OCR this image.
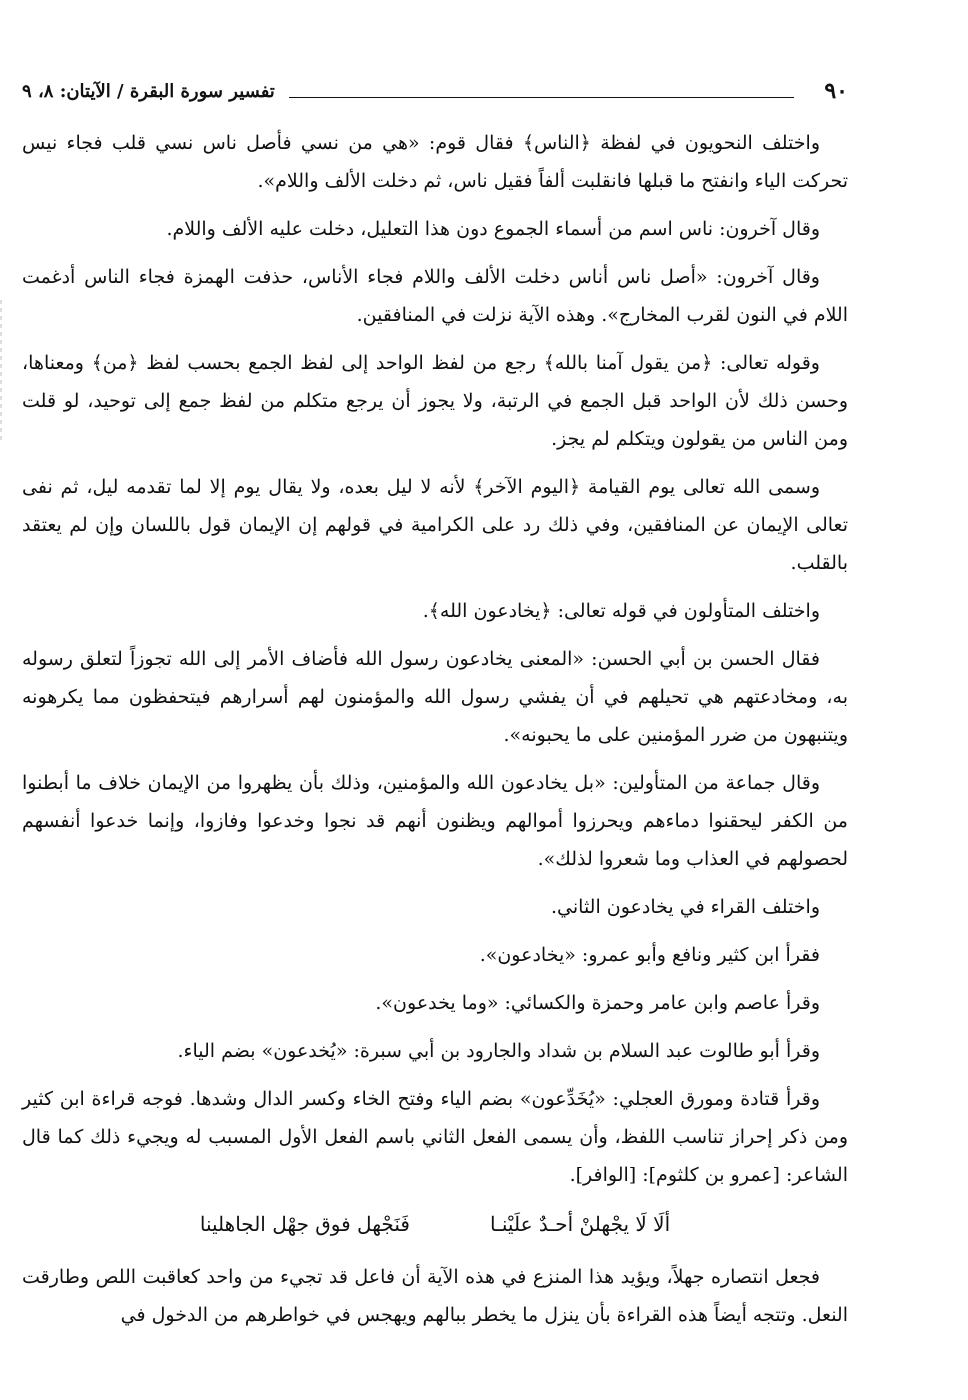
٩٠
تفسير سورة البقرة / الآيتان: ٨، ٩

واختلف النحويون في لفظة ﴿الناس﴾ فقال قوم: «هي من نسي فأصل ناس نسي قلب فجاء نيس تحركت الياء وانفتح ما قبلها فانقلبت ألفاً فقيل ناس، ثم دخلت الألف واللام».

وقال آخرون: ناس اسم من أسماء الجموع دون هذا التعليل، دخلت عليه الألف واللام.

وقال آخرون: «أصل ناس أناس دخلت الألف واللام فجاء الأناس، حذفت الهمزة فجاء الناس أدغمت اللام في النون لقرب المخارج». وهذه الآية نزلت في المنافقين.

وقوله تعالى: ﴿من يقول آمنا بالله﴾ رجع من لفظ الواحد إلى لفظ الجمع بحسب لفظ ﴿من﴾ ومعناها، وحسن ذلك لأن الواحد قبل الجمع في الرتبة، ولا يجوز أن يرجع متكلم من لفظ جمع إلى توحيد، لو قلت ومن الناس من يقولون ويتكلم لم يجز.

وسمى الله تعالى يوم القيامة ﴿اليوم الآخر﴾ لأنه لا ليل بعده، ولا يقال يوم إلا لما تقدمه ليل، ثم نفى تعالى الإيمان عن المنافقين، وفي ذلك رد على الكرامية في قولهم إن الإيمان قول باللسان وإن لم يعتقد بالقلب.

واختلف المتأولون في قوله تعالى: ﴿يخادعون الله﴾.

فقال الحسن بن أبي الحسن: «المعنى يخادعون رسول الله فأضاف الأمر إلى الله تجوزاً لتعلق رسوله به، ومخادعتهم هي تحيلهم في أن يفشي رسول الله والمؤمنون لهم أسرارهم فيتحفظون مما يكرهونه ويتنبهون من ضرر المؤمنين على ما يحبونه».

وقال جماعة من المتأولين: «بل يخادعون الله والمؤمنين، وذلك بأن يظهروا من الإيمان خلاف ما أبطنوا من الكفر ليحقنوا دماءهم ويحرزوا أموالهم ويظنون أنهم قد نجوا وخدعوا وفازوا، وإنما خدعوا أنفسهم لحصولهم في العذاب وما شعروا لذلك».

واختلف القراء في يخادعون الثاني.

فقرأ ابن كثير ونافع وأبو عمرو: «يخادعون».

وقرأ عاصم وابن عامر وحمزة والكسائي: «وما يخدعون».

وقرأ أبو طالوت عبد السلام بن شداد والجارود بن أبي سبرة: «يُخدعون» بضم الياء.

وقرأ قتادة ومورق العجلي: «يُخَدِّعون» بضم الياء وفتح الخاء وكسر الدال وشدها. فوجه قراءة ابن كثير ومن ذكر إحراز تناسب اللفظ، وأن يسمى الفعل الثاني باسم الفعل الأول المسبب له ويجيء ذلك كما قال الشاعر: [عمرو بن كلثوم]: [الوافر].

ألَا لَا يجْهلنْ أحـدٌ علَيْنـا
فَنَجْهل فوق جهْل الجاهلينا

فجعل انتصاره جهلاً، ويؤيد هذا المنزع في هذه الآية أن فاعل قد تجيء من واحد كعاقبت اللص وطارقت النعل. وتتجه أيضاً هذه القراءة بأن ينزل ما يخطر ببالهم ويهجس في خواطرهم من الدخول في
